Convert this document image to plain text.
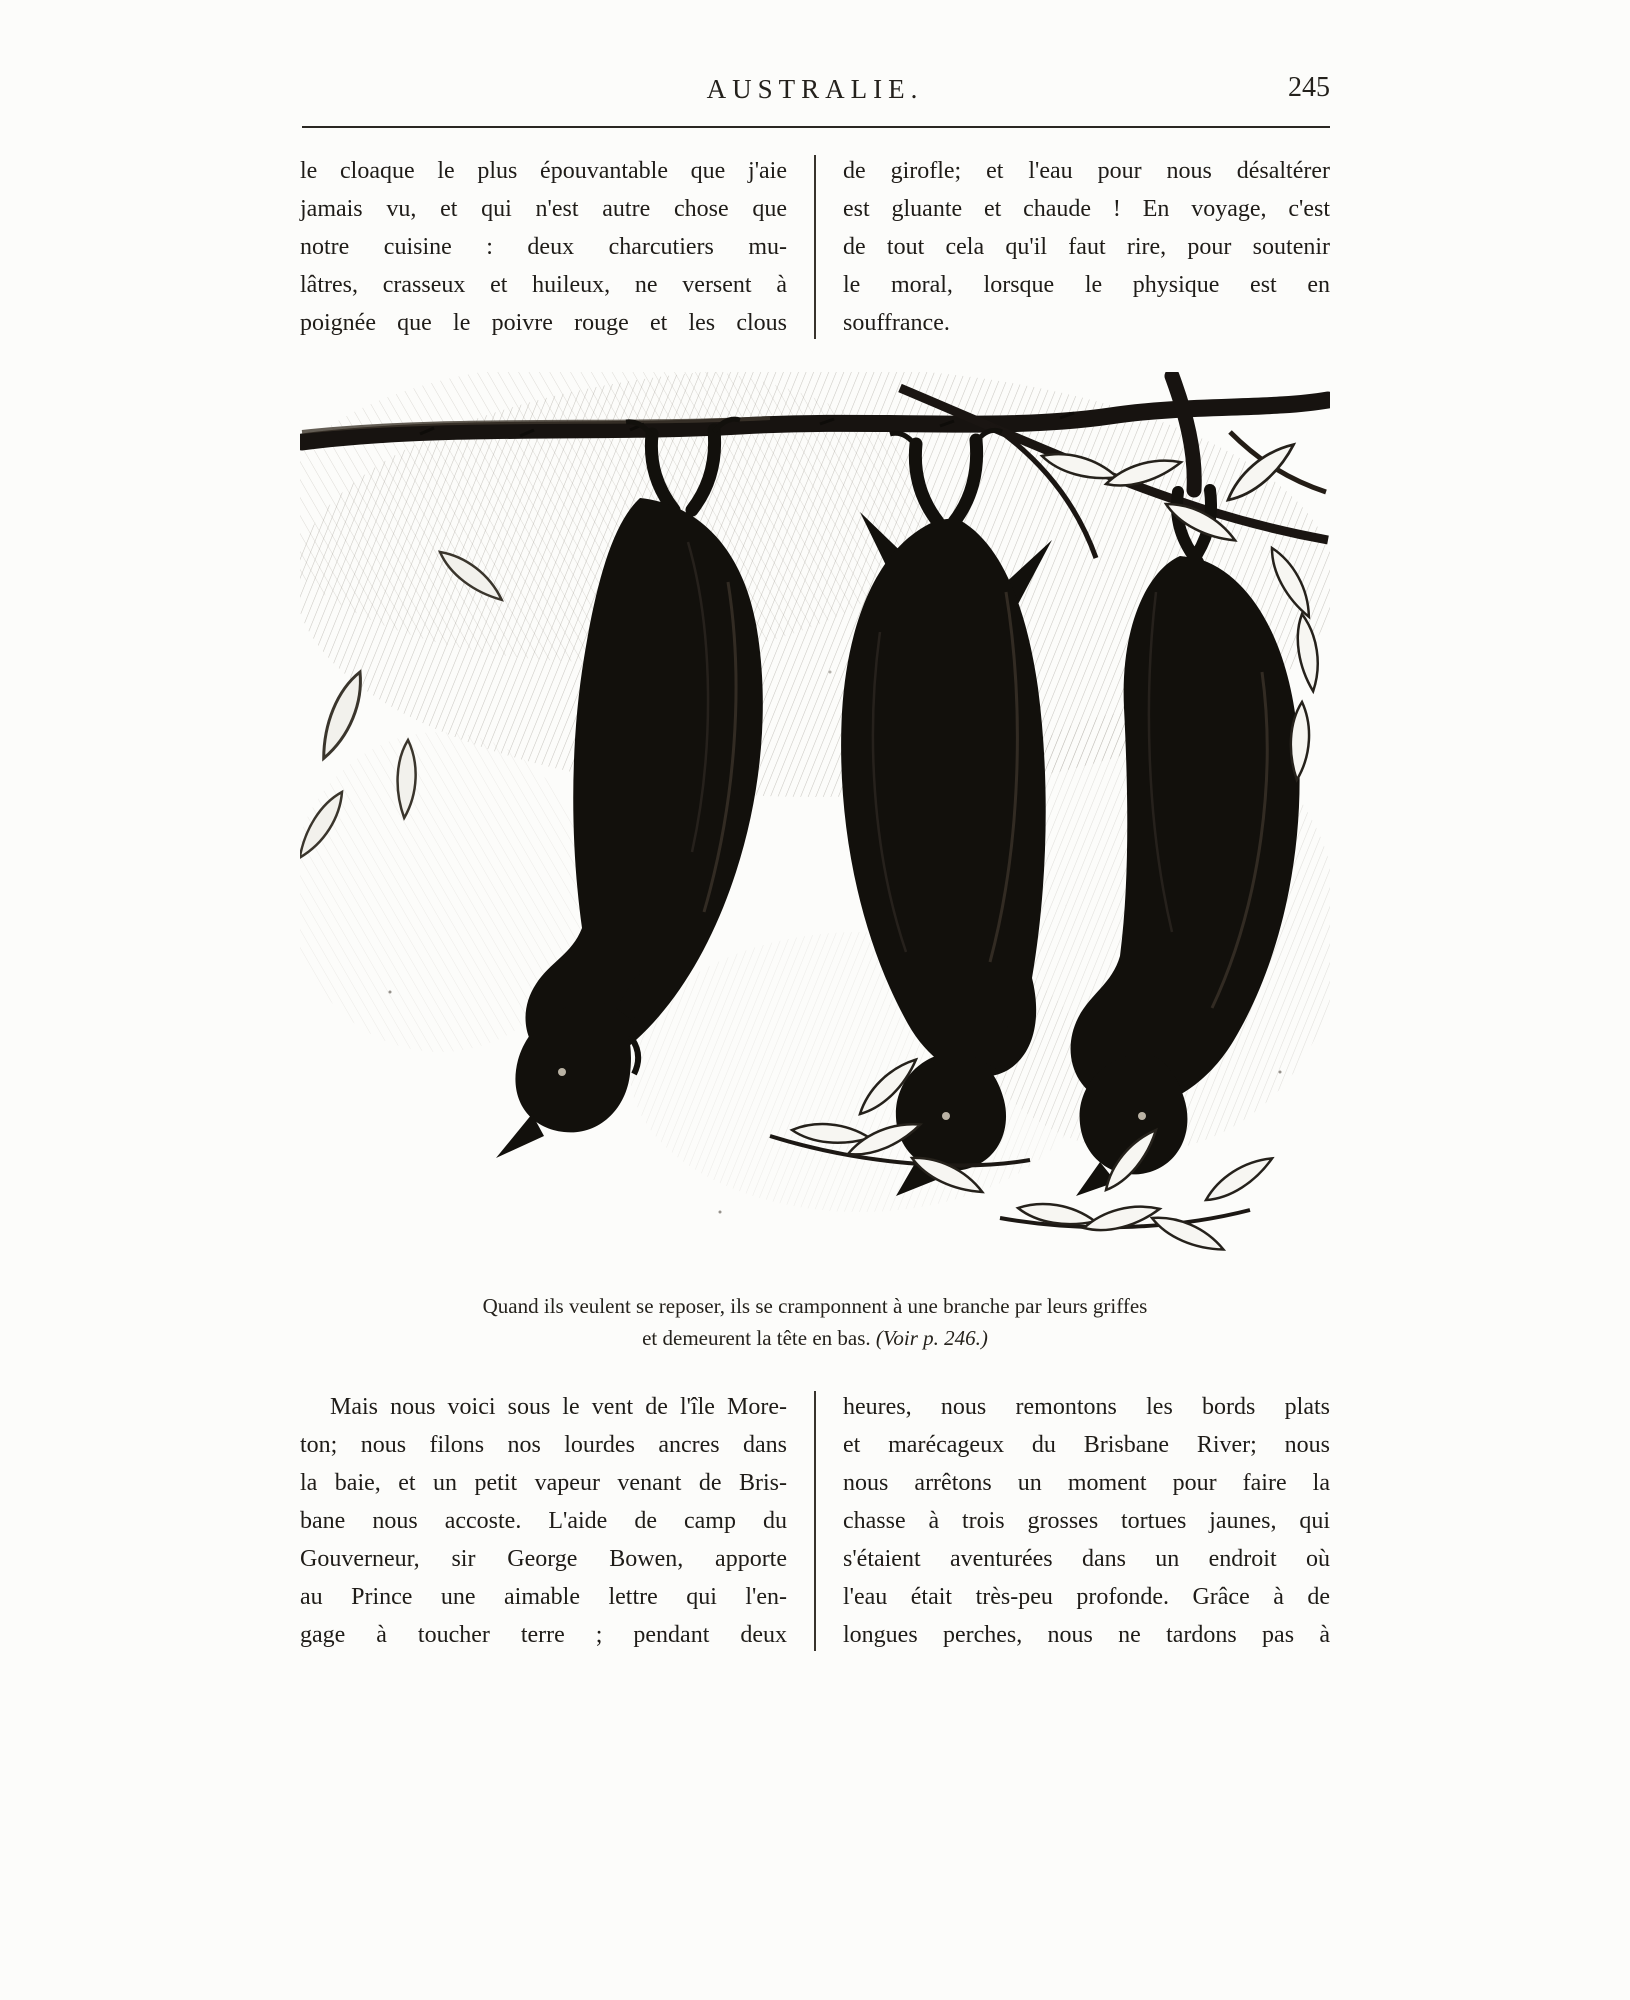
AUSTRALIE.	245
le cloaque le plus épouvantable que j'aie
jamais vu, et qui n'est autre chose que
notre cuisine : deux charcutiers mu-
lâtres, crasseux et huileux, ne versent à
poignée que le poivre rouge et les clous
de girofle; et l'eau pour nous désaltérer
est gluante et chaude ! En voyage, c'est
de tout cela qu'il faut rire, pour soutenir
le moral, lorsque le physique est en
souffrance.
Quand ils veulent se reposer, ils se cramponnent à une branche par leurs griffes
et demeurent la tête en bas. (Voir p. 246.)
Mais nous voici sous le vent de l'île More-
ton; nous filons nos lourdes ancres dans
la baie, et un petit vapeur venant de Bris-
bane nous accoste. L'aide de camp du
Gouverneur, sir George Bowen, apporte
au Prince une aimable lettre qui l'en-
gage à toucher terre ; pendant deux
heures, nous remontons les bords plats
et marécageux du Brisbane River; nous
nous arrêtons un moment pour faire la
chasse à trois grosses tortues jaunes, qui
s'étaient aventurées dans un endroit où
l'eau était très-peu profonde. Grâce à de
longues perches, nous ne tardons pas à
